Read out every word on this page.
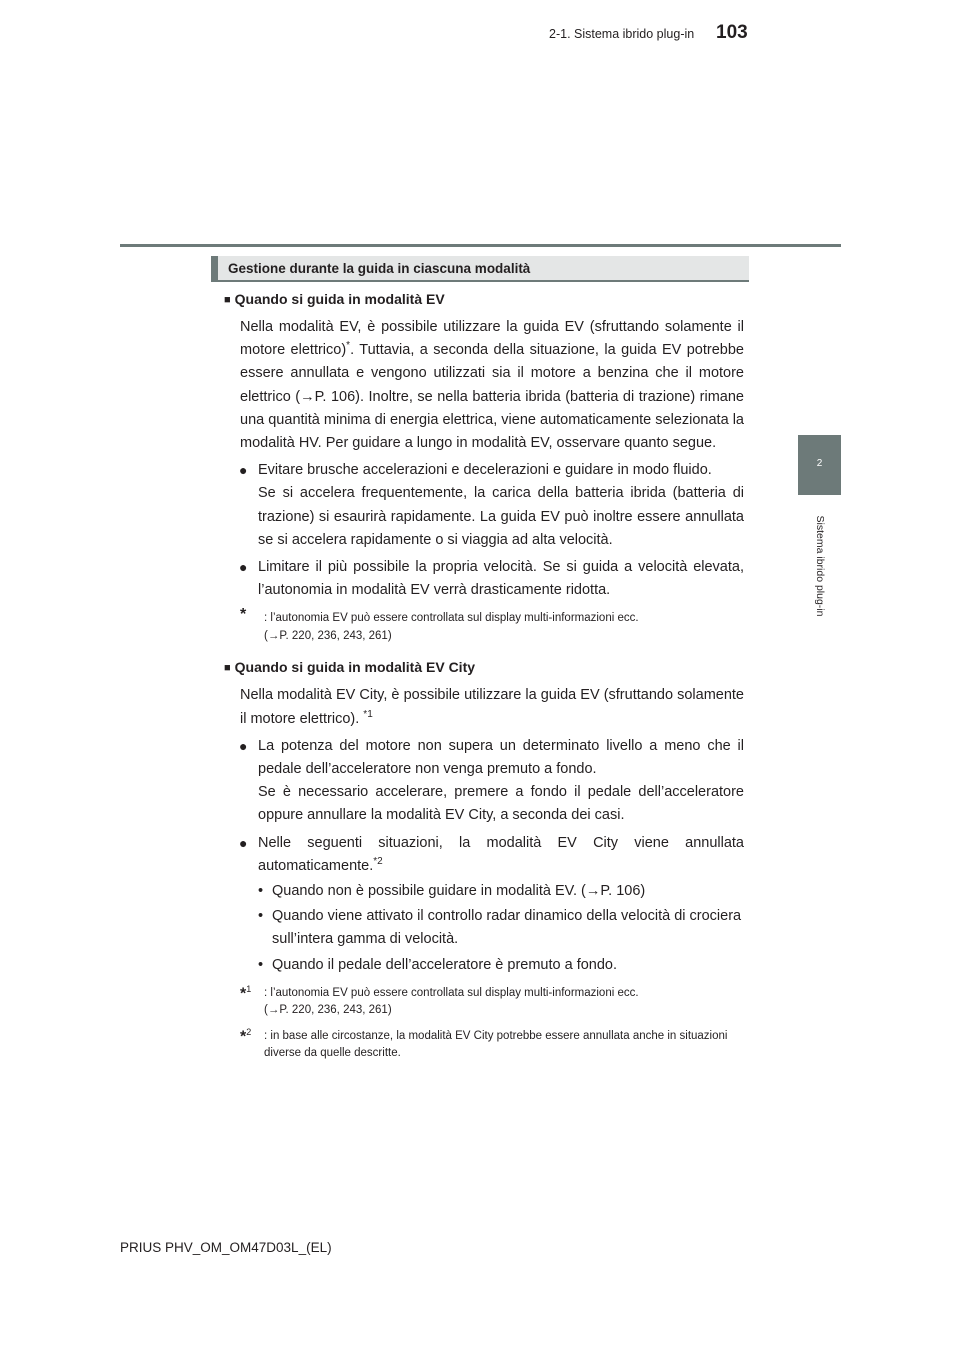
2-1. Sistema ibrido plug-in 103
2
Sistema ibrido plug-in
Gestione durante la guida in ciascuna modalità
■ Quando si guida in modalità EV

Nella modalità EV, è possibile utilizzare la guida EV (sfruttando solamente il motore elettrico)*. Tuttavia, a seconda della situazione, la guida EV potrebbe essere annullata e vengono utilizzati sia il motore a benzina che il motore elettrico (→P. 106). Inoltre, se nella batteria ibrida (batteria di trazione) rimane una quantità minima di energia elettrica, viene automaticamente selezionata la modalità HV. Per guidare a lungo in modalità EV, osservare quanto segue.

● Evitare brusche accelerazioni e decelerazioni e guidare in modo fluido.
Se si accelera frequentemente, la carica della batteria ibrida (batteria di trazione) si esaurirà rapidamente. La guida EV può inoltre essere annullata se si accelera rapidamente o si viaggia ad alta velocità.
● Limitare il più possibile la propria velocità. Se si guida a velocità elevata, l’autonomia in modalità EV verrà drasticamente ridotta.
* : l’autonomia EV può essere controllata sul display multi-informazioni ecc.
(→P. 220, 236, 243, 261)
■ Quando si guida in modalità EV City

Nella modalità EV City, è possibile utilizzare la guida EV (sfruttando solamente il motore elettrico). $^{*1}$

● La potenza del motore non supera un determinato livello a meno che il pedale dell’acceleratore non venga premuto a fondo.
Se è necessario accelerare, premere a fondo il pedale dell’acceleratore oppure annullare la modalità EV City, a seconda dei casi.
● Nelle seguenti situazioni, la modalità EV City viene annullata automaticamente.$^{*2}$
• Quando non è possibile guidare in modalità EV. (→P. 106)
• Quando viene attivato il controllo radar dinamico della velocità di crociera sull’intera gamma di velocità.
• Quando il pedale dell’acceleratore è premuto a fondo.
*$^1$ : l’autonomia EV può essere controllata sul display multi-informazioni ecc.
(→P. 220, 236, 243, 261)
*$^2$ : in base alle circostanze, la modalità EV City potrebbe essere annullata anche in situazioni diverse da quelle descritte.
PRIUS PHV_OM_OM47D03L_(EL)
